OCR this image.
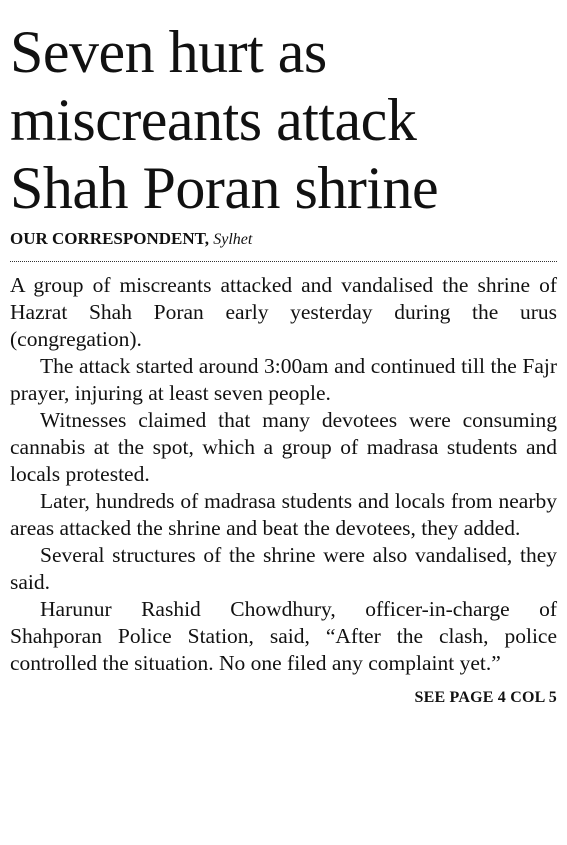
Seven hurt as
miscreants attack
Shah Poran shrine
OUR CORRESPONDENT, Sylhet

A group of miscreants attacked and vandalised the shrine of Hazrat Shah Poran early yesterday during the urus (congregation).

The attack started around 3:00am and continued till the Fajr prayer, injuring at least seven people.

Witnesses claimed that many devotees were consuming cannabis at the spot, which a group of madrasa students and locals protested.

Later, hundreds of madrasa students and locals from nearby areas attacked the shrine and beat the devotees, they added.

Several structures of the shrine were also vandalised, they said.

Harunur Rashid Chowdhury, officer-in-charge of Shahporan Police Station, said, “After the clash, police controlled the situation. No one filed any complaint yet.”

SEE PAGE 4 COL 5
